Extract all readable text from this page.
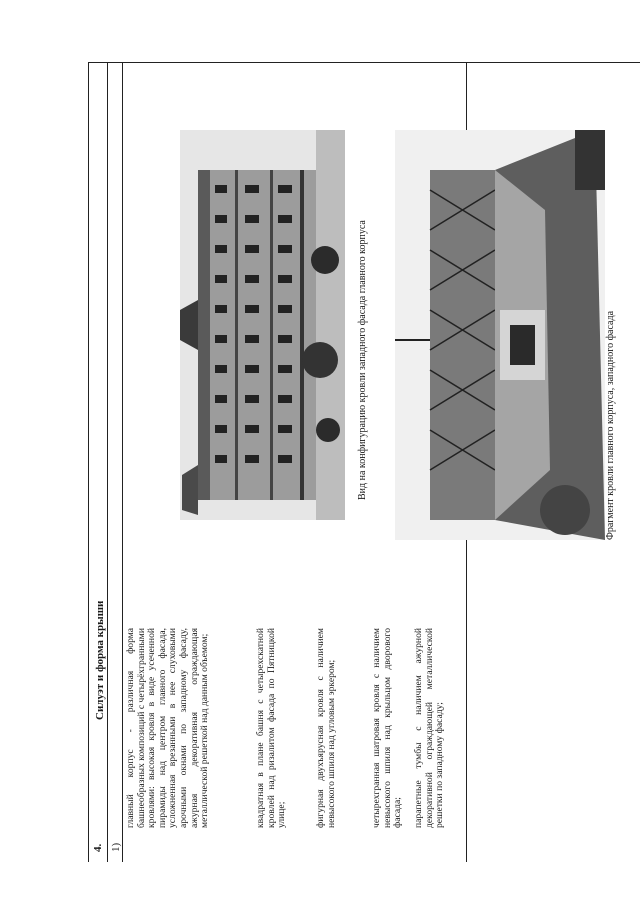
4.
Силуэт и форма крыши
1)
главный корпус - различная форма башнеобразных композиций с четырёхгранными кровлями: высокая кровля в виде усеченной пирамиды над центром главного фасада, усложненная врезанными в нее слуховыми арочными окнами по западному фасаду, ажурная декоративная ограждающая металлической решеткой над данным объемом;	квадратная в плане башня с четырехскатной кровлей над ризалитом фасада по Пятницкой улице;	фигурная двухъярусная кровля с наличием невысокого шпиля над угловым эркером;	четырехгранная шатровая кровля с наличием невысокого шпиля над крыльцом дворового фасада; парапетные тумбы с наличием ажурной декоративной ограждающей металлической решетки по западному фасаду;
Вид на конфигурацию кровли западного фасада главного корпуса	Фрагмент кровли главного корпуса, западного фасада
